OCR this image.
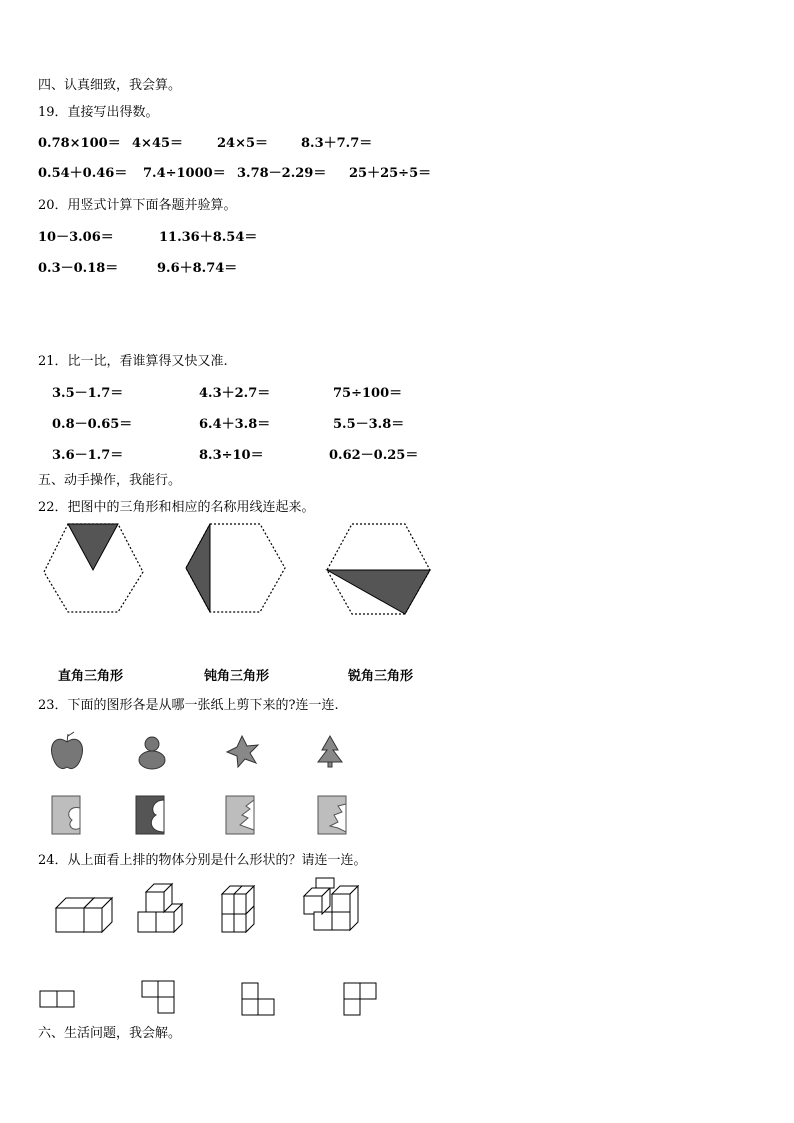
四、认真细致，我会算。
19．直接写出得数。
0.78×100＝ 4×45＝	24×5＝	8.3＋7.7＝
0.54＋0.46＝ 7.4÷1000＝ 3.78－2.29＝ 25＋25÷5＝
20．用竖式计算下面各题并验算。
10－3.06＝	11.36＋8.54＝
0.3－0.18＝	9.6＋8.74＝
21．比一比，看谁算得又快又准.
3.5－1.7＝	4.3＋2.7＝	75÷100＝
0.8－0.65＝	6.4＋3.8＝	5.5－3.8＝
3.6－1.7＝	8.3÷10＝	0.62－0.25＝
五、动手操作，我能行。
22．把图中的三角形和相应的名称用线连起来。
直角三角形	钝角三角形	锐角三角形
23．下面的图形各是从哪一张纸上剪下来的?连一连.
24．从上面看上排的物体分别是什么形状的？请连一连。
六、生活问题，我会解。
